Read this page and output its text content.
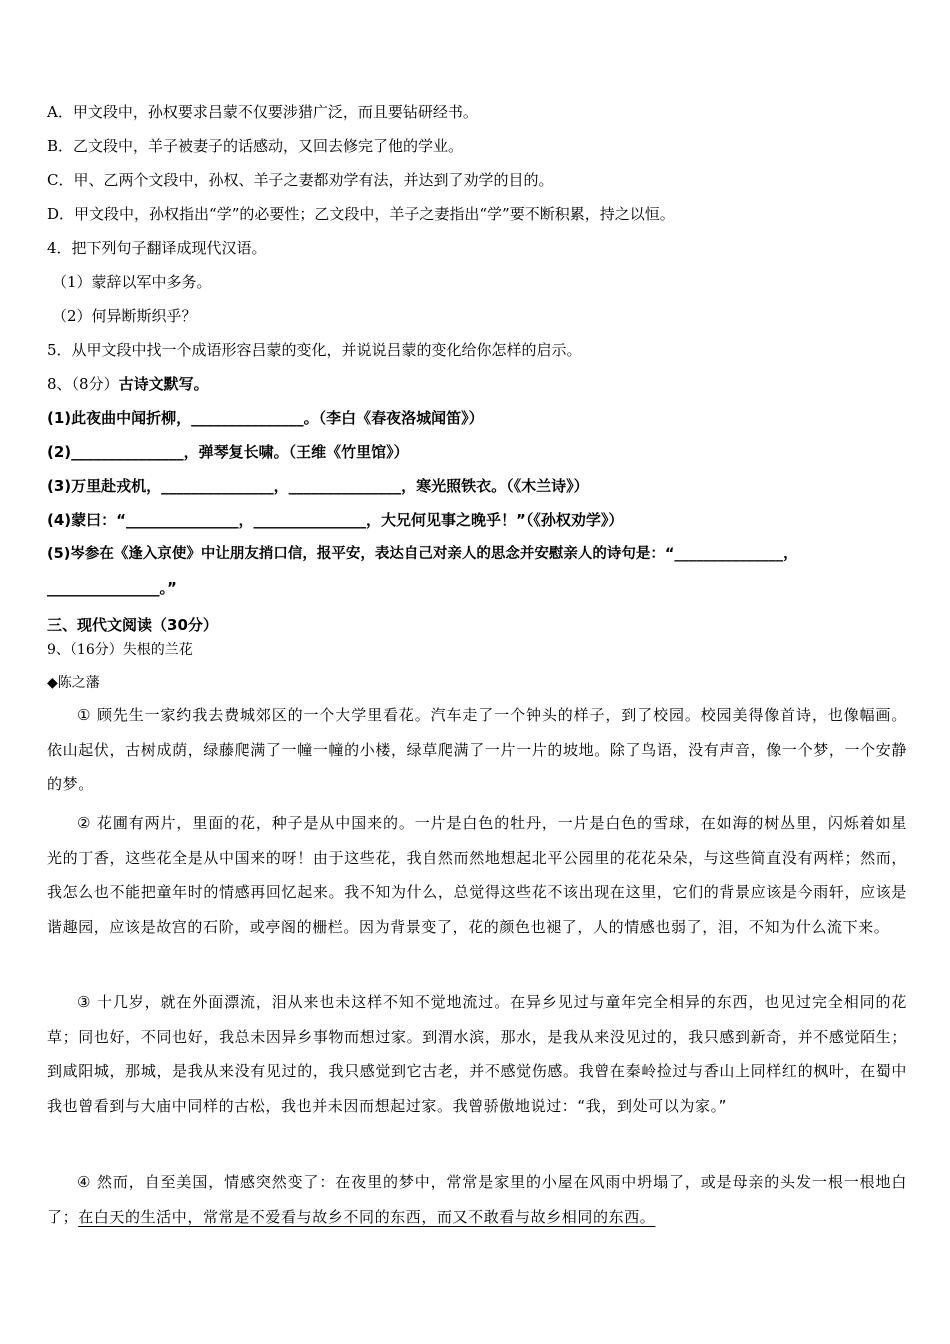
A．甲文段中，孙权要求吕蒙不仅要涉猎广泛，而且要钻研经书。
B．乙文段中，羊子被妻子的话感动，又回去修完了他的学业。
C．甲、乙两个文段中，孙权、羊子之妻都劝学有法，并达到了劝学的目的。
D．甲文段中，孙权指出“学”的必要性；乙文段中，羊子之妻指出“学”要不断积累，持之以恒。
4．把下列句子翻译成现代汉语。
（1）蒙辞以军中多务。
（2）何异断斯织乎？
5．从甲文段中找一个成语形容吕蒙的变化，并说说吕蒙的变化给你怎样的启示。
8、（8分）古诗文默写。
(1)此夜曲中闻折柳，_______________。（李白《春夜洛城闻笛》）
(2)_______________，弹琴复长啸。（王维《竹里馆》）
(3)万里赴戎机，_______________，_______________，寒光照铁衣。（《木兰诗》）
(4)蒙曰：“_______________，_______________，大兄何见事之晚乎！”（《孙权劝学》）
(5)岑参在《逢入京使》中让朋友捎口信，报平安，表达自己对亲人的思念并安慰亲人的诗句是：“_______________，
_______________。”
三、现代文阅读（30分）
9、（16分）失根的兰花
◆陈之藩
① 顾先生一家约我去费城郊区的一个大学里看花。汽车走了一个钟头的样子，到了校园。校园美得像首诗，也像幅画。依山起伏，古树成荫，绿藤爬满了一幢一幢的小楼，绿草爬满了一片一片的坡地。除了鸟语，没有声音，像一个梦，一个安静的梦。
② 花圃有两片，里面的花，种子是从中国来的。一片是白色的牡丹，一片是白色的雪球，在如海的树丛里，闪烁着如星光的丁香，这些花全是从中国来的呀！由于这些花，我自然而然地想起北平公园里的花花朵朵，与这些简直没有两样；然而，我怎么也不能把童年时的情感再回忆起来。我不知为什么，总觉得这些花不该出现在这里，它们的背景应该是今雨轩，应该是谐趣园，应该是故宫的石阶，或亭阁的栅栏。因为背景变了，花的颜色也褪了，人的情感也弱了，泪，不知为什么流下来。
③ 十几岁，就在外面漂流，泪从来也未这样不知不觉地流过。在异乡见过与童年完全相异的东西，也见过完全相同的花草；同也好，不同也好，我总未因异乡事物而想过家。到渭水滨，那水，是我从来没见过的，我只感到新奇，并不感觉陌生；到咸阳城，那城，是我从来没有见过的，我只感觉到它古老，并不感觉伤感。我曾在秦岭捡过与香山上同样红的枫叶，在蜀中我也曾看到与大庙中同样的古松，我也并未因而想起过家。我曾骄傲地说过：“我，到处可以为家。”
④ 然而，自至美国，情感突然变了：在夜里的梦中，常常是家里的小屋在风雨中坍塌了，或是母亲的头发一根一根地白了；在白天的生活中，常常是不爱看与故乡不同的东西，而又不敢看与故乡相同的东西。
